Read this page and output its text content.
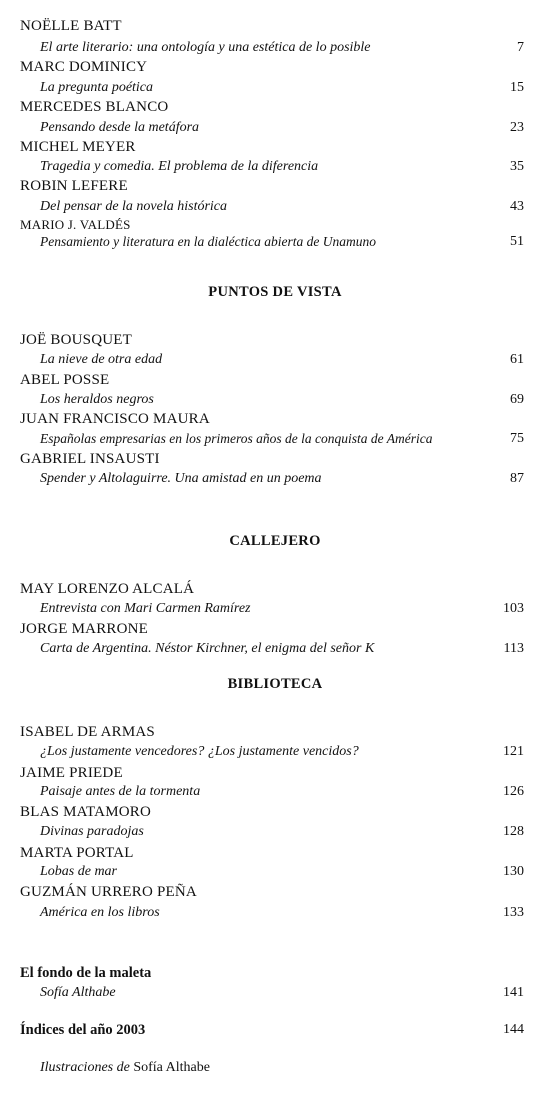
NOËLLE BATT
El arte literario: una ontología y una estética de lo posible	7
MARC DOMINICY
La pregunta poética	15
MERCEDES BLANCO
Pensando desde la metáfora	23
MICHEL MEYER
Tragedia y comedia. El problema de la diferencia	35
ROBIN LEFERE
Del pensar de la novela histórica	43
MARIO J. VALDÉS
Pensamiento y literatura en la dialéctica abierta de Unamuno	51
PUNTOS DE VISTA
JOË BOUSQUET
La nieve de otra edad	61
ABEL POSSE
Los heraldos negros	69
JUAN FRANCISCO MAURA
Españolas empresarias en los primeros años de la conquista de América	75
GABRIEL INSAUSTI
Spender y Altolaguirre. Una amistad en un poema	87
CALLEJERO
MAY LORENZO ALCALÁ
Entrevista con Mari Carmen Ramírez	103
JORGE MARRONE
Carta de Argentina. Néstor Kirchner, el enigma del señor K	113
BIBLIOTECA
ISABEL DE ARMAS
¿Los justamente vencedores? ¿Los justamente vencidos?	121
JAIME PRIEDE
Paisaje antes de la tormenta	126
BLAS MATAMORO
Divinas paradojas	128
MARTA PORTAL
Lobas de mar	130
GUZMÁN URRERO PEÑA
América en los libros	133
El fondo de la maleta
Sofía Althabe	141
Índices del año 2003	144
Ilustraciones de Sofía Althabe
